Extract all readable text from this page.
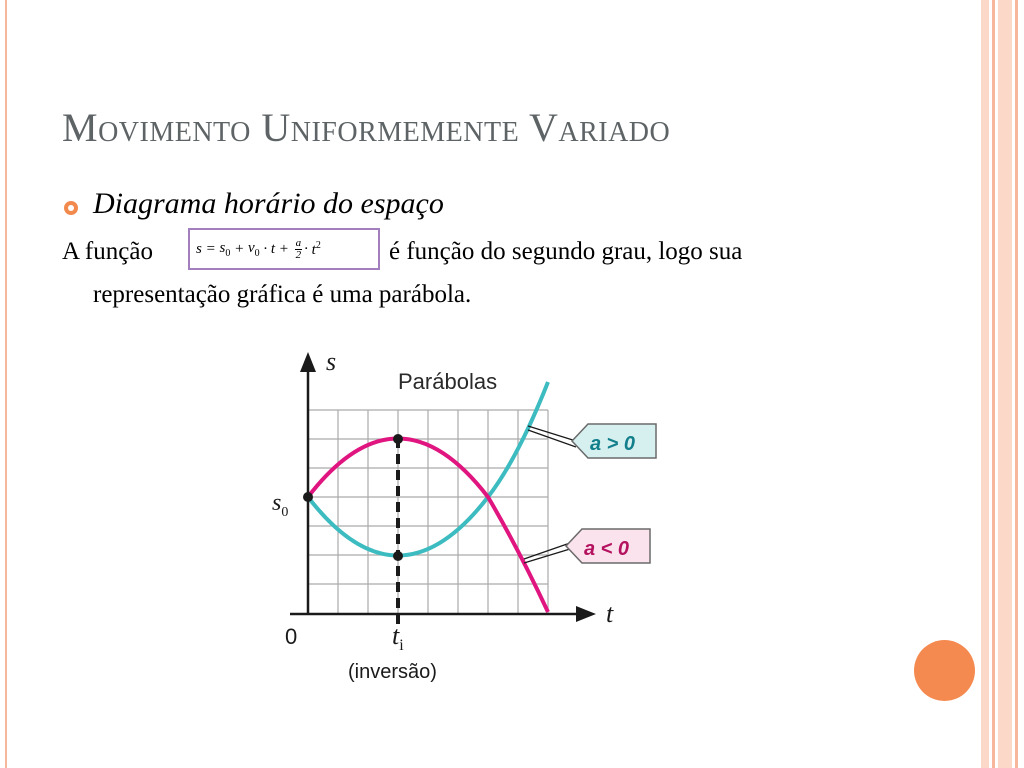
Movimento Uniformemente Variado
Diagrama horário do espaço
A função	$s = s_0 + v_0 \cdot t + \frac{a}{2} \cdot t^2$	é função do segundo grau, logo sua
representação gráfica é uma parábola.
a > 0
a < 0
Parábolas
s
t
0
$s_0$
$t_i$
(inversão)
